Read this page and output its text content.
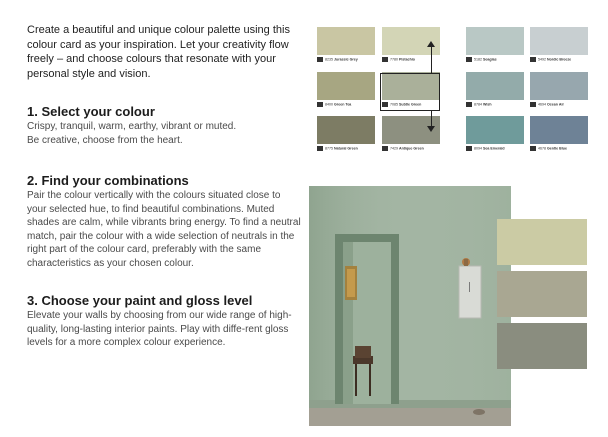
Create a beautiful and unique colour palette using this colour card as your inspiration. Let your creativity flow freely – and choose colours that resonate with your personal style and vision.

1. Select your colour

Crispy, tranquil, warm, earthy, vibrant or muted.
Be creative, choose from the heart.

2. Find your combinations

Pair the colour vertically with the colours situated close to your selected hue, to find beautiful combinations. Muted shades are calm, while vibrants bring energy. To find a neutral match, pair the colour with a wide selection of neutrals in the right part of the colour card, preferably with the same characteristics as your chosen colour.

3. Choose your paint and gloss level

Elevate your walls by choosing from our wide range of high-quality, long-lasting interior paints. Play with diffe-rent gloss levels for a more complex colour experience.

8235 Jurassic Grey	7780 Pistachio
8400 Green Tea	7085 Subtle Green
8775 Natural Green	7429 Antique Green
5182 Seaglas	5492 Nordic Breeze
8784 Wish	4694 Ocean Air
8094 Sea Emerald	4678 Gentle Blue
